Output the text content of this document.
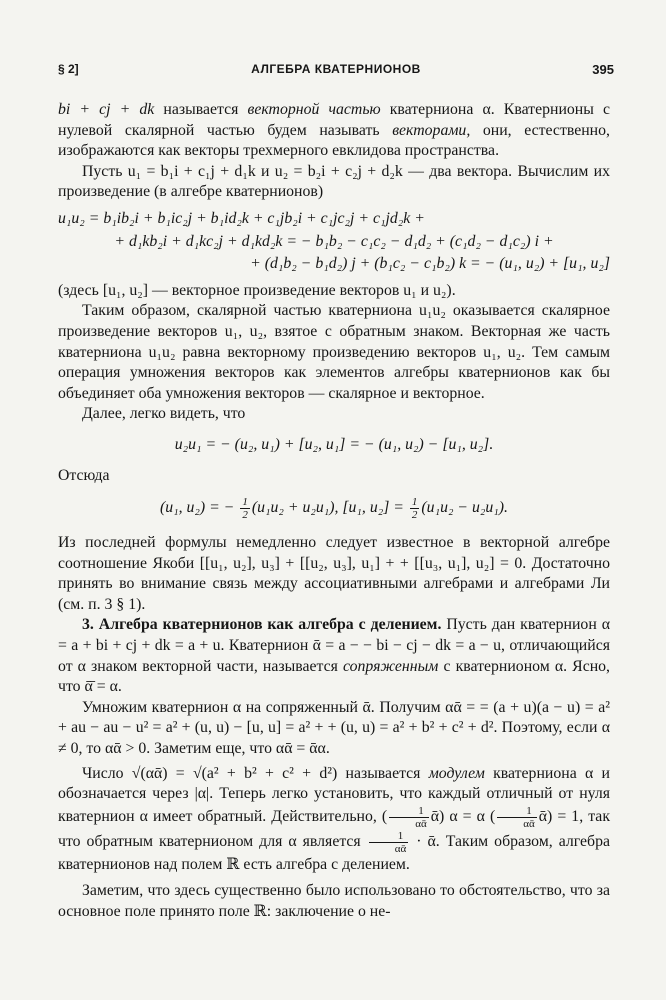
§ 2]	АЛГЕБРА КВАТЕРНИОНОВ	395

bi + cj + dk называется векторной частью кватерниона α. Кватернионы с нулевой скалярной частью будем называть векторами, они, естественно, изображаются как векторы трехмерного евклидова пространства.

Пусть u₁ = b₁i + c₁j + d₁k и u₂ = b₂i + c₂j + d₂k — два вектора. Вычислим их произведение (в алгебре кватернионов)

u₁u₂ = b₁ib₂i + b₁ic₂j + b₁id₂k + c₁jb₂i + c₁jc₂j + c₁jd₂k +
+ d₁kb₂i + d₁kc₂j + d₁kd₂k = − b₁b₂ − c₁c₂ − d₁d₂ + (c₁d₂ − d₁c₂) i +
+ (d₁b₂ − b₁d₂) j + (b₁c₂ − c₁b₂) k = − (u₁, u₂) + [u₁, u₂]

(здесь [u₁, u₂] — векторное произведение векторов u₁ и u₂).

Таким образом, скалярной частью кватерниона u₁u₂ оказывается скалярное произведение векторов u₁, u₂, взятое с обратным знаком. Векторная же часть кватерниона u₁u₂ равна векторному произведению векторов u₁, u₂. Тем самым операция умножения векторов как элементов алгебры кватернионов как бы объединяет оба умножения векторов — скалярное и векторное.

Далее, легко видеть, что

u₂u₁ = − (u₂, u₁) + [u₂, u₁] = − (u₁, u₂) − [u₁, u₂].

Отсюда

(u₁, u₂) = − $\frac{1}{2} (u_1u_2 + u_2u_1)$, [u₁, $u_2] = \frac{1}{2} (u_1u_2 - u_2u_1)$.

Из последней формулы немедленно следует известное в векторной алгебре соотношение Якоби [[u₁, u₂], u₃] + [[u₂, u₃], u₁] + + [[u₃, u₁], u₂] = 0. Достаточно принять во внимание связь между ассоциативными алгебрами и алгебрами Ли (см. п. 3 § 1).

3. Алгебра кватернионов как алгебра с делением. Пусть дан кватернион α = a + bi + cj + dk = a + u. Кватернион ᾱ = a − − bi − cj − dk = a − u, отличающийся от α знаком векторной части, называется сопряженным с кватернионом α. Ясно, что ᾱ̄ = α.

Умножим кватернион α на сопряженный ᾱ. Получим αᾱ = = (a + u)(a − u) = a² + au − au − u² = a² + (u, u) − [u, u] = a² + + (u, u) = a² + b² + c² + d². Поэтому, если α ≠ 0, то αᾱ > 0. Заметим еще, что αᾱ = ᾱα.

Число √(αᾱ) = √(a² + b² + c² + d²) называется модулем кватерниона α и обозначается через |α|. Теперь легко установить, что каждый отличный от нуля кватернион α имеет обратный. Действительно, ( $\frac{1}{\text{αᾱ}}$ ᾱ) α = α ( $\frac{1}{\text{αᾱ}}$ ᾱ) = 1, так что обратным кватернионом для α является $\frac{1}{\text{αᾱ}}$ · ᾱ. Таким образом, алгебра кватернионов над полем ℝ есть алгебра с делением.

Заметим, что здесь существенно было использовано то обстоятельство, что за основное поле принято поле ℝ: заключение о не-
